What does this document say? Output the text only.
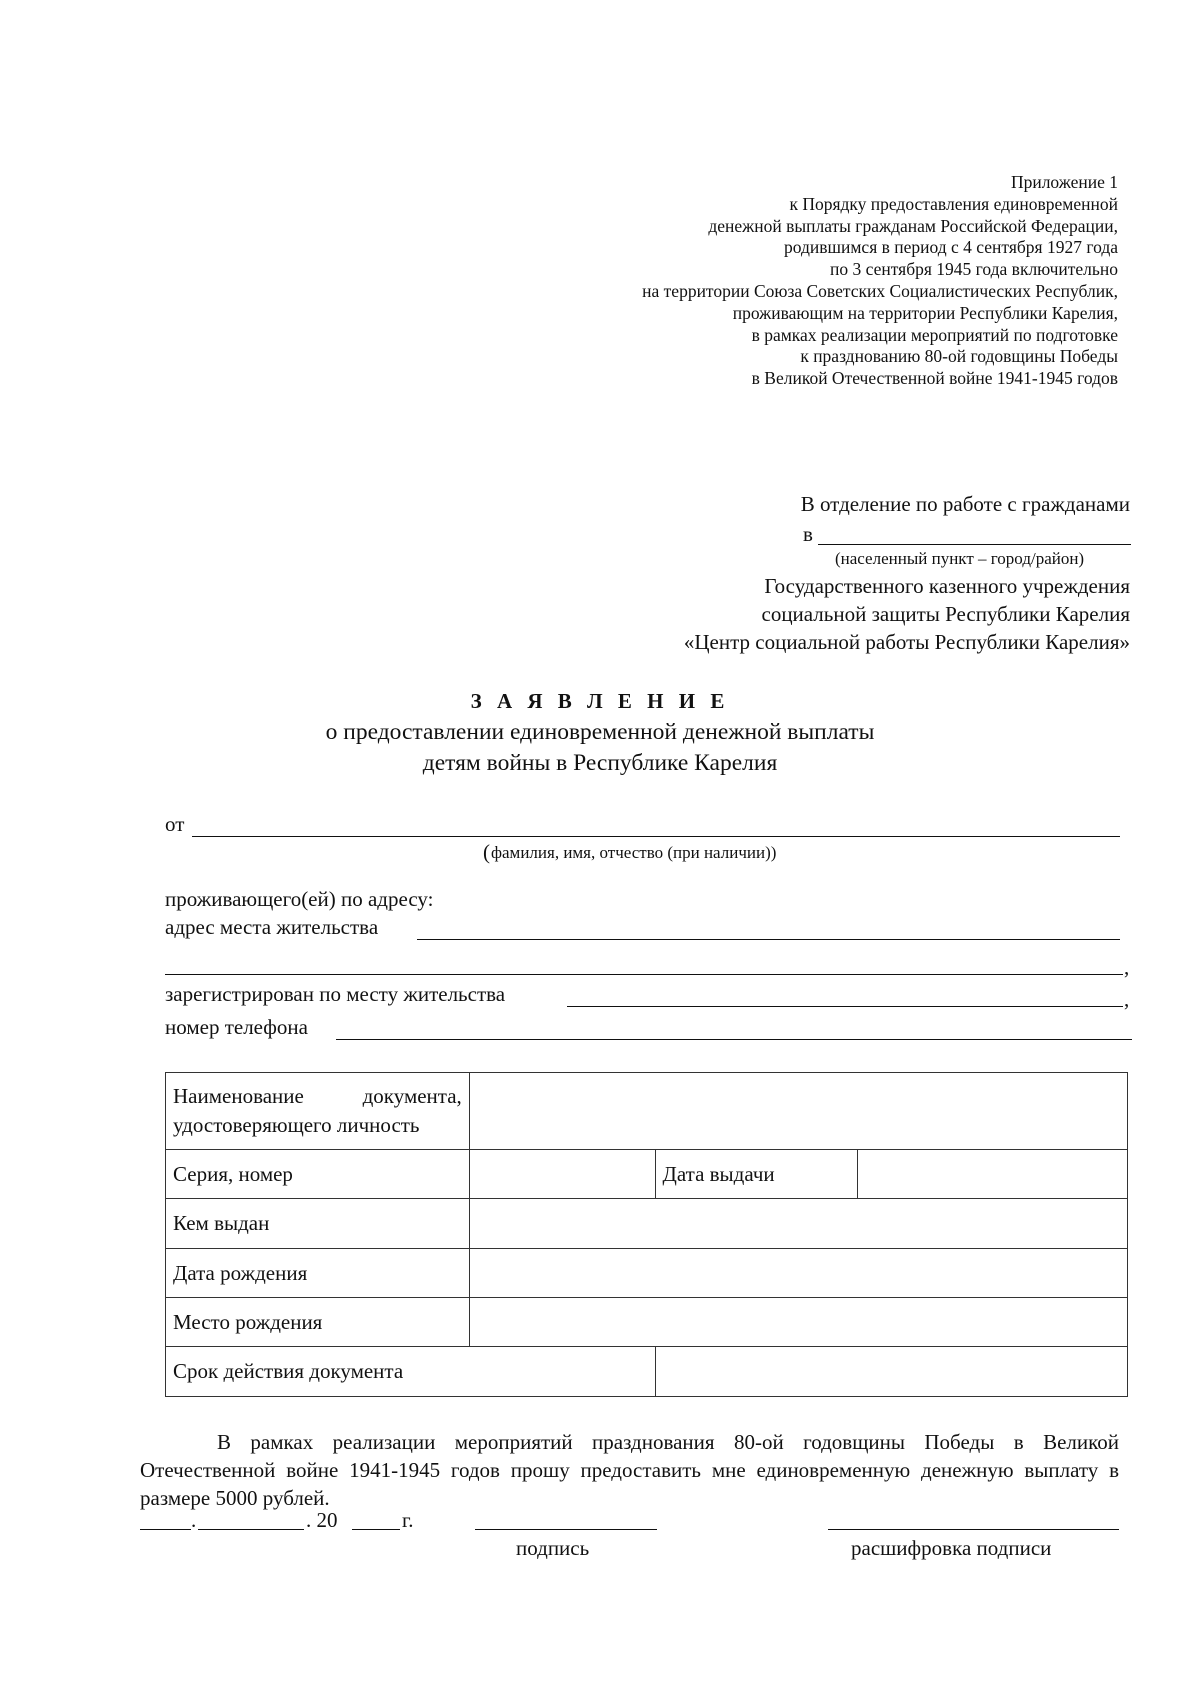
Приложение 1
к Порядку предоставления единовременной
денежной выплаты гражданам Российской Федерации,
родившимся в период с 4 сентября 1927 года
по 3 сентября 1945 года включительно
на территории Союза Советских Социалистических Республик,
проживающим на территории Республики Карелия,
в рамках реализации мероприятий по подготовке
к празднованию 80-ой годовщины Победы
в Великой Отечественной войне 1941-1945 годов
В отделение по работе с гражданами
в
(населенный пункт – город/район)
Государственного казенного учреждения
социальной защиты Республики Карелия
«Центр социальной работы Республики Карелия»
З А Я В Л Е Н И Е
о предоставлении единовременной денежной выплаты
детям войны в Республике Карелия
от
( фамилия, имя, отчество (при наличии))
проживающего(ей) по адресу:
адрес места жительства
,
зарегистрирован по месту жительства	,
номер телефона
Наименование документа, удостоверяющего личность			
Серия, номер		Дата выдачи	
Кем выдан			
Дата рождения			
Место рождения			
Срок действия документа			
В рамках реализации мероприятий празднования 80-ой годовщины Победы в Великой Отечественной войне 1941-1945 годов прошу предоставить мне единовременную денежную выплату в размере 5000 рублей.
.	. 20	г.
подпись	расшифровка подписи
